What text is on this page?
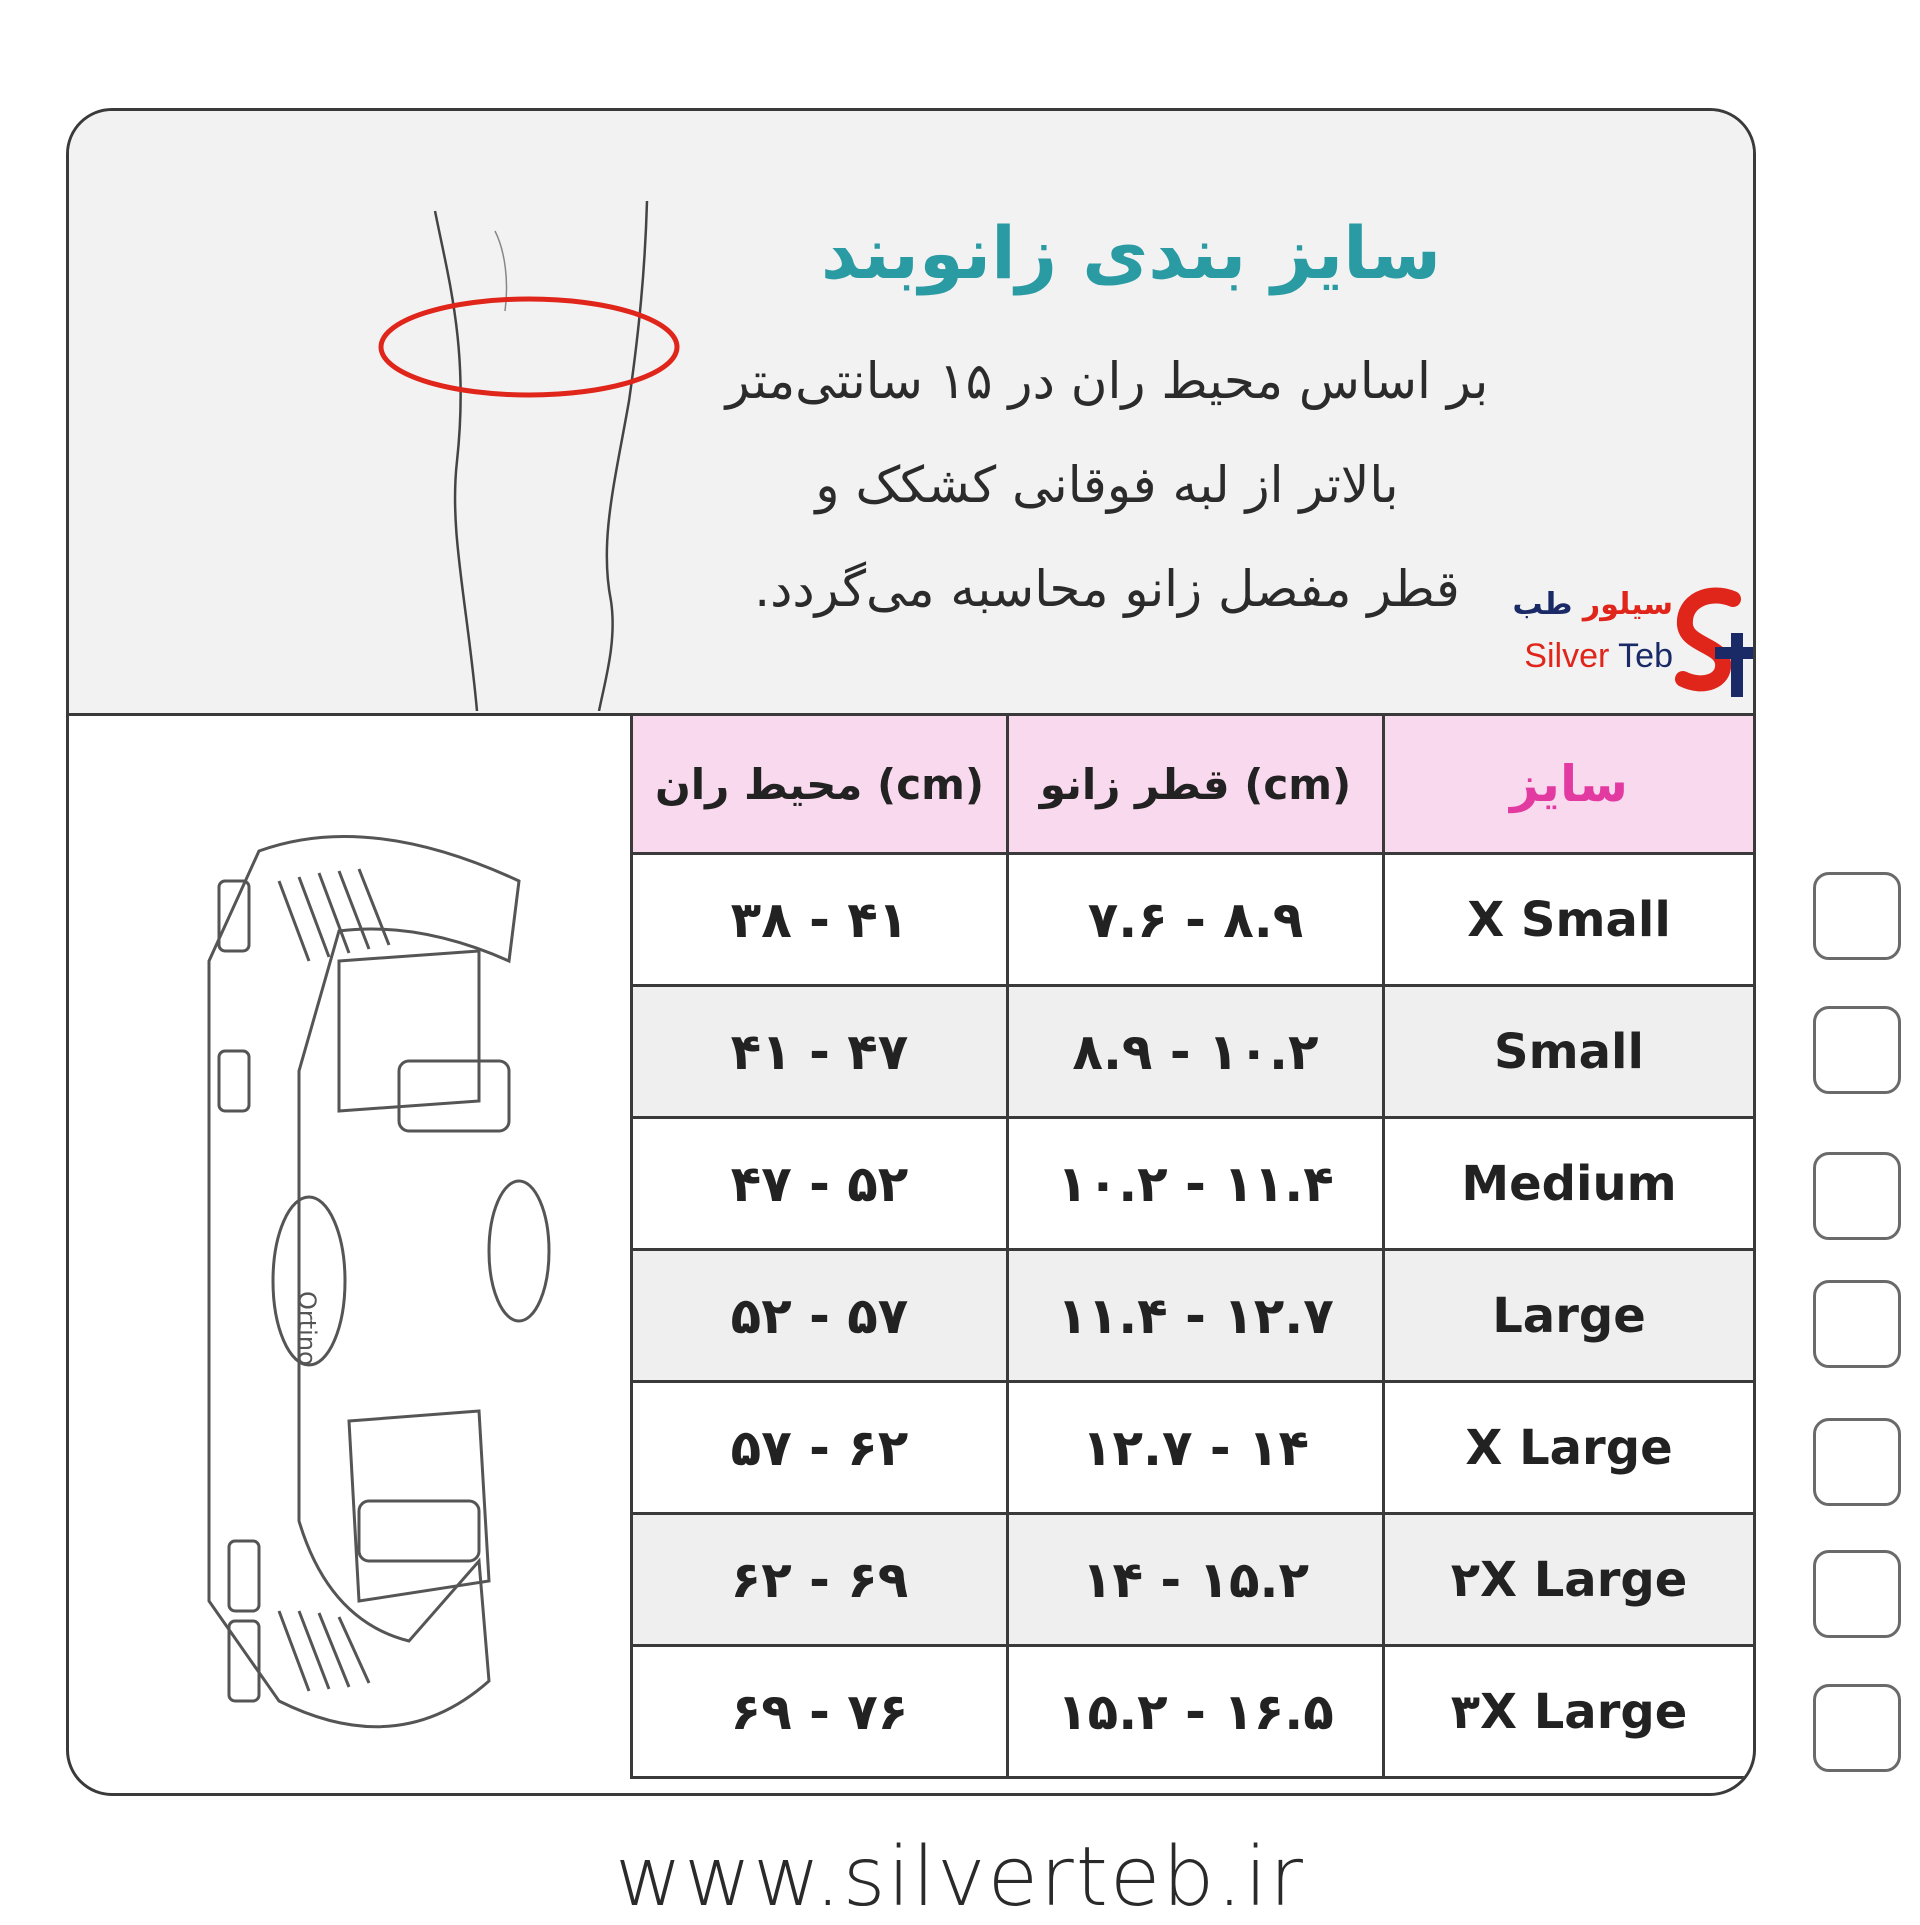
سایز بندی زانوبند
بر اساس محیط ران در ۱۵ سانتی‌متر
بالاتر از لبه فوقانی کشکک و
قطر مفصل زانو محاسبه می‌گردد.	سیلور طب
Silver Teb
Ortino
محیط ران (cm)	قطر زانو (cm)	سایز
۳۸ - ۴۱	۷.۶ - ۸.۹	X Small
۴۱ - ۴۷	۸.۹ - ۱۰.۲	Small
۴۷ - ۵۲	۱۰.۲ - ۱۱.۴	Medium
۵۲ - ۵۷	۱۱.۴ - ۱۲.۷	Large
۵۷ - ۶۲	۱۲.۷ - ۱۴	X Large
۶۲ - ۶۹	۱۴ - ۱۵.۲	۲X Large
۶۹ - ۷۶	۱۵.۲ - ۱۶.۵	۳X Large
www.silverteb.ir
